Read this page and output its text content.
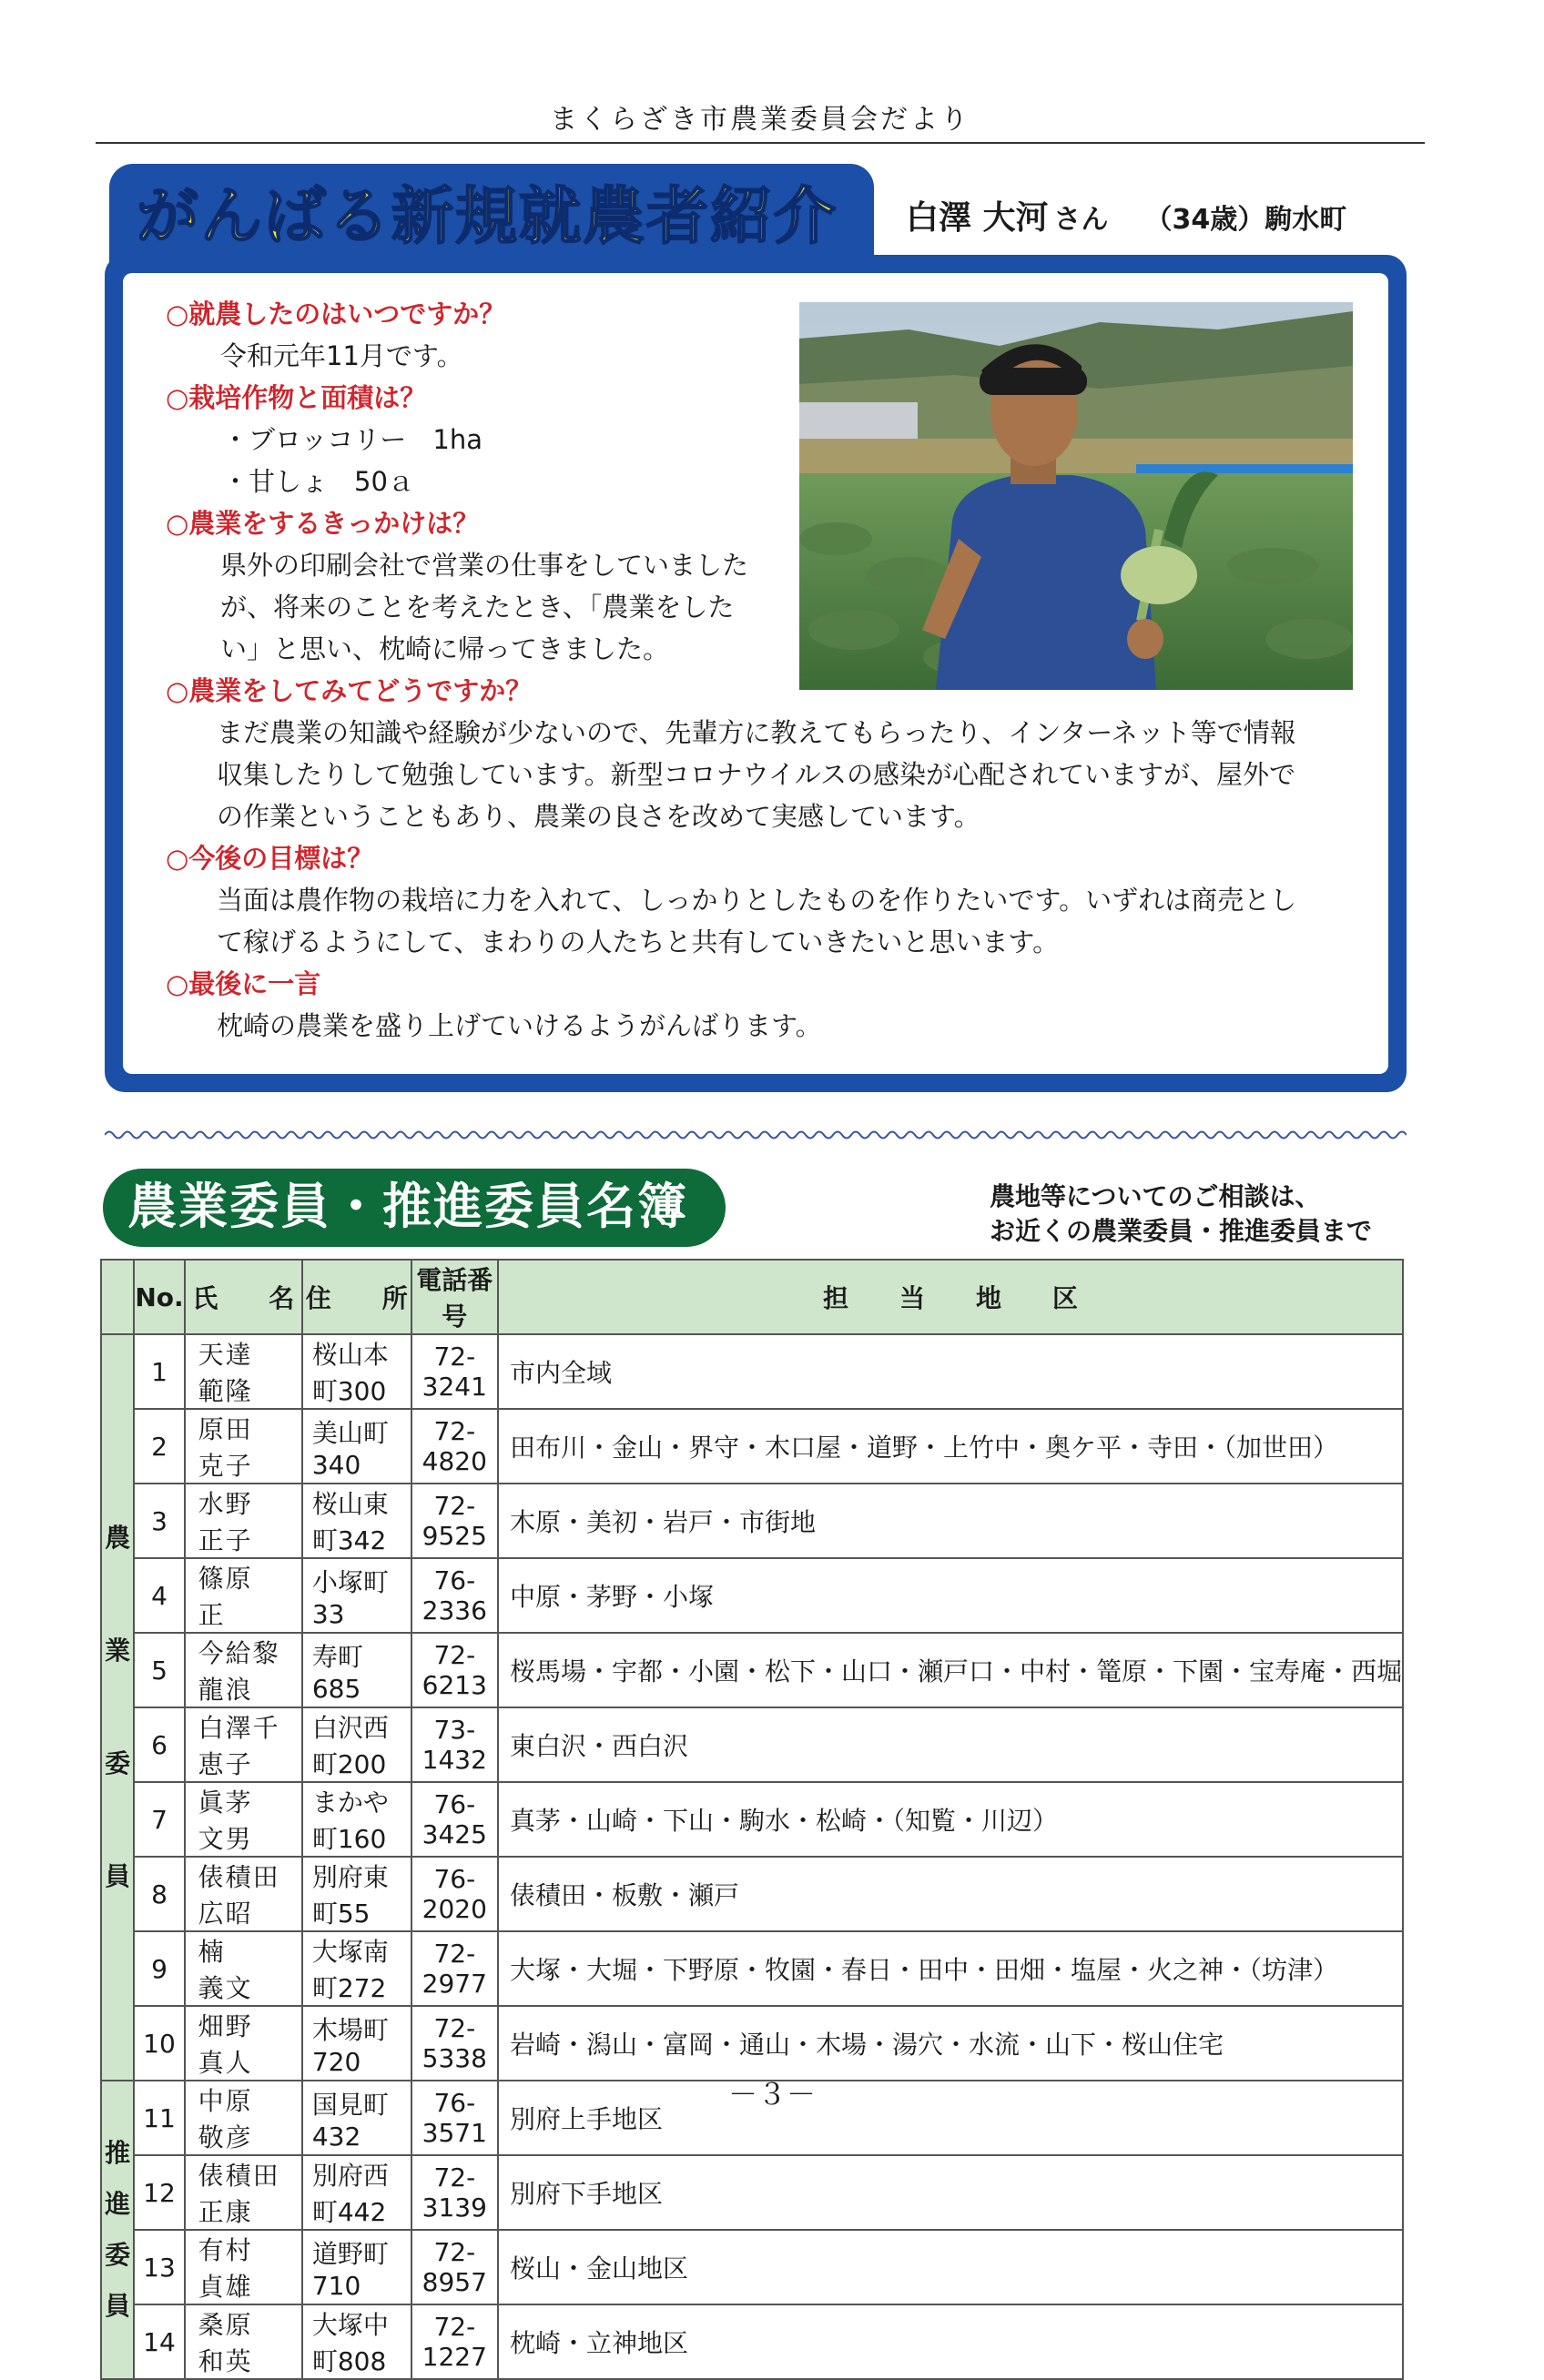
まくらざき市農業委員会だより
がんばる新規就農者紹介 白澤 大河 さん （34歳）駒水町
○就農したのはいつですか？
令和元年11月です。
○栽培作物と面積は？
・ブロッコリー　1ha
・甘しょ　50ａ
○農業をするきっかけは？
県外の印刷会社で営業の仕事をしていました
が、将来のことを考えたとき、「農業をした
い」と思い、枕崎に帰ってきました。
○農業をしてみてどうですか？
まだ農業の知識や経験が少ないので、先輩方に教えてもらったり、インターネット等で情報
収集したりして勉強しています。新型コロナウイルスの感染が心配されていますが、屋外で
の作業ということもあり、農業の良さを改めて実感しています。
○今後の目標は？
当面は農作物の栽培に力を入れて、しっかりとしたものを作りたいです。いずれは商売とし
て稼げるようにして、まわりの人たちと共有していきたいと思います。
○最後に一言
枕崎の農業を盛り上げていけるようがんばります。
農業委員・推進委員名簿	農地等についてのご相談は、
お近くの農業委員・推進委員まで
	No.	氏　　名	住　　所	電話番号	担　　当　　地　　区

農
業
委
員	1	天達　範隆	桜山本町300	72-3241	市内全域
	2	原田　克子	美山町340	72-4820	田布川・金山・界守・木口屋・道野・上竹中・奥ケ平・寺田・（加世田）
	3	水野　正子	桜山東町342	72-9525	木原・美初・岩戸・市街地
	4	篠原　　正	小塚町33	76-2336	中原・茅野・小塚
	5	今給黎龍浪	寿町685	72-6213	桜馬場・宇都・小園・松下・山口・瀬戸口・中村・篭原・下園・宝寿庵・西堀
	6	白澤千恵子	白沢西町200	73-1432	東白沢・西白沢
	7	眞茅　文男	まかや町160	76-3425	真茅・山崎・下山・駒水・松崎・（知覧・川辺）
	8	俵積田広昭	別府東町55	76-2020	俵積田・板敷・瀬戸
	9	楠　　義文	大塚南町272	72-2977	大塚・大堀・下野原・牧園・春日・田中・田畑・塩屋・火之神・（坊津）
	10	畑野　真人	木場町720	72-5338	岩崎・潟山・富岡・通山・木場・湯穴・水流・山下・桜山住宅

推
進
委
員	11	中原　敬彦	国見町432	76-3571	別府上手地区
	12	俵積田正康	別府西町442	72-3139	別府下手地区
	13	有村　貞雄	道野町710	72-8957	桜山・金山地区
	14	桑原　和英	大塚中町808	72-1227	枕崎・立神地区
－３－
